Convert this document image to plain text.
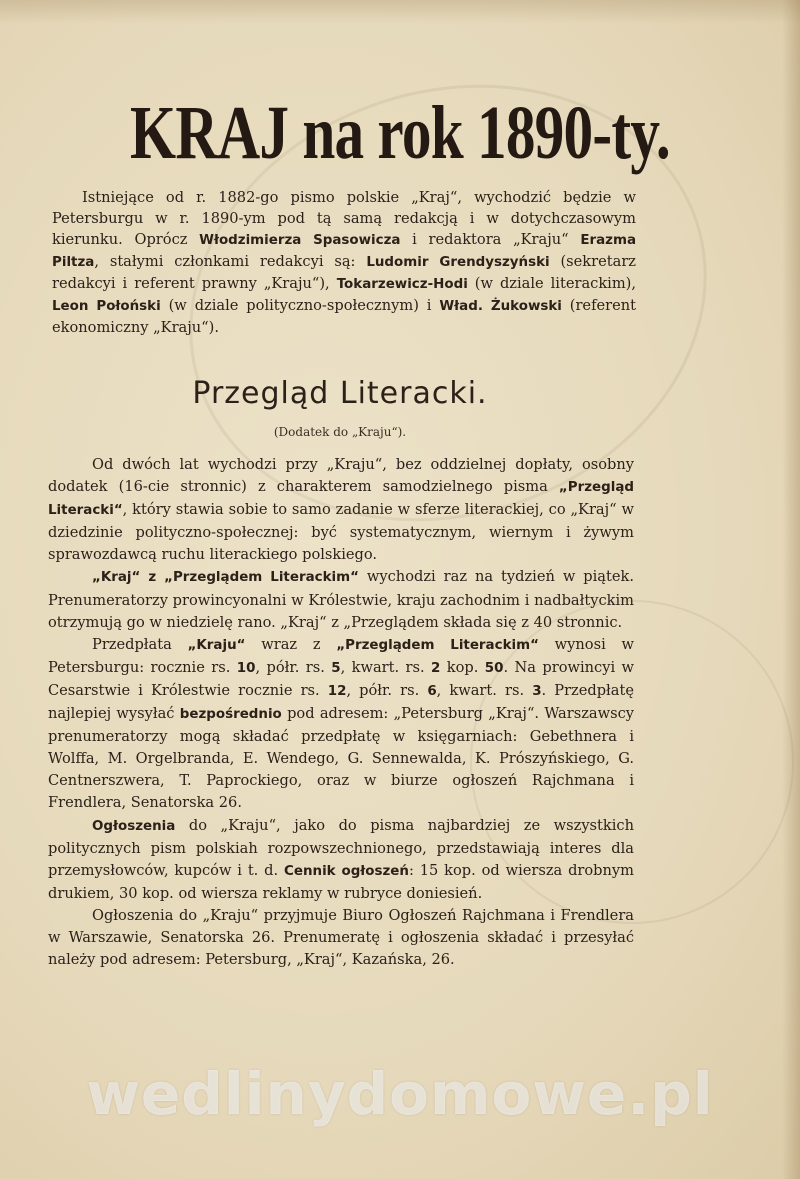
KRAJ na rok 1890-ty.

Istniejące od r. 1882-go pismo polskie „Kraj“, wychodzić będzie w Petersburgu w r. 1890-ym pod tą samą redakcją i w dotychczasowym kierunku. Oprócz Włodzimierza Spasowicza i redaktora „Kraju“ Erazma Piltza, stałymi członkami redakcyi są: Ludomir Grendyszyński (sekretarz redakcyi i referent prawny „Kraju“), Tokarzewicz-Hodi (w dziale literackim), Leon Połoński (w dziale polityczno-społecznym) i Wład. Żukowski (referent ekonomiczny „Kraju“).

Przegląd Literacki.
(Dodatek do „Kraju“).

Od dwóch lat wychodzi przy „Kraju“, bez oddzielnej dopłaty, osobny dodatek (16-cie stronnic) z charakterem samodzielnego pisma „Przegląd Literacki“, który stawia sobie to samo zadanie w sferze literackiej, co „Kraj“ w dziedzinie polityczno-społecznej: być systematycznym, wiernym i żywym sprawozdawcą ruchu literackiego polskiego.

„Kraj“ z „Przeglądem Literackim“ wychodzi raz na tydzień w piątek. Prenumeratorzy prowincyonalni w Królestwie, kraju zachodnim i nadbałtyckim otrzymują go w niedzielę rano. „Kraj“ z „Przeglądem składa się z 40 stronnic.

Przedpłata „Kraju“ wraz z „Przeglądem Literackim“ wynosi w Petersburgu: rocznie rs. 10, półr. rs. 5, kwart. rs. 2 kop. 50. Na prowincyi w Cesarstwie i Królestwie rocznie rs. 12, półr. rs. 6, kwart. rs. 3. Przedpłatę najlepiej wysyłać bezpośrednio pod adresem: „Petersburg „Kraj“. Warszawscy prenumeratorzy mogą składać przedpłatę w księgarniach: Gebethnera i Wolffa, M. Orgelbranda, E. Wendego, G. Sennewalda, K. Prószyńskiego, G. Centnerszwera, T. Paprockiego, oraz w biurze ogłoszeń Rajchmana i Frendlera, Senatorska 26.

Ogłoszenia do „Kraju“, jako do pisma najbardziej ze wszystkich politycznych pism polskiah rozpowszechnionego, przedstawiają interes dla przemysłowców, kupców i t. d. Cennik ogłoszeń: 15 kop. od wiersza drobnym drukiem, 30 kop. od wiersza reklamy w rubryce doniesień.

Ogłoszenia do „Kraju“ przyjmuje Biuro Ogłoszeń Rajchmana i Frendlera w Warszawie, Senatorska 26. Prenumeratę i ogłoszenia składać i przesyłać należy pod adresem: Petersburg, „Kraj“, Kazańska, 26.

wedlinydomowe.pl
